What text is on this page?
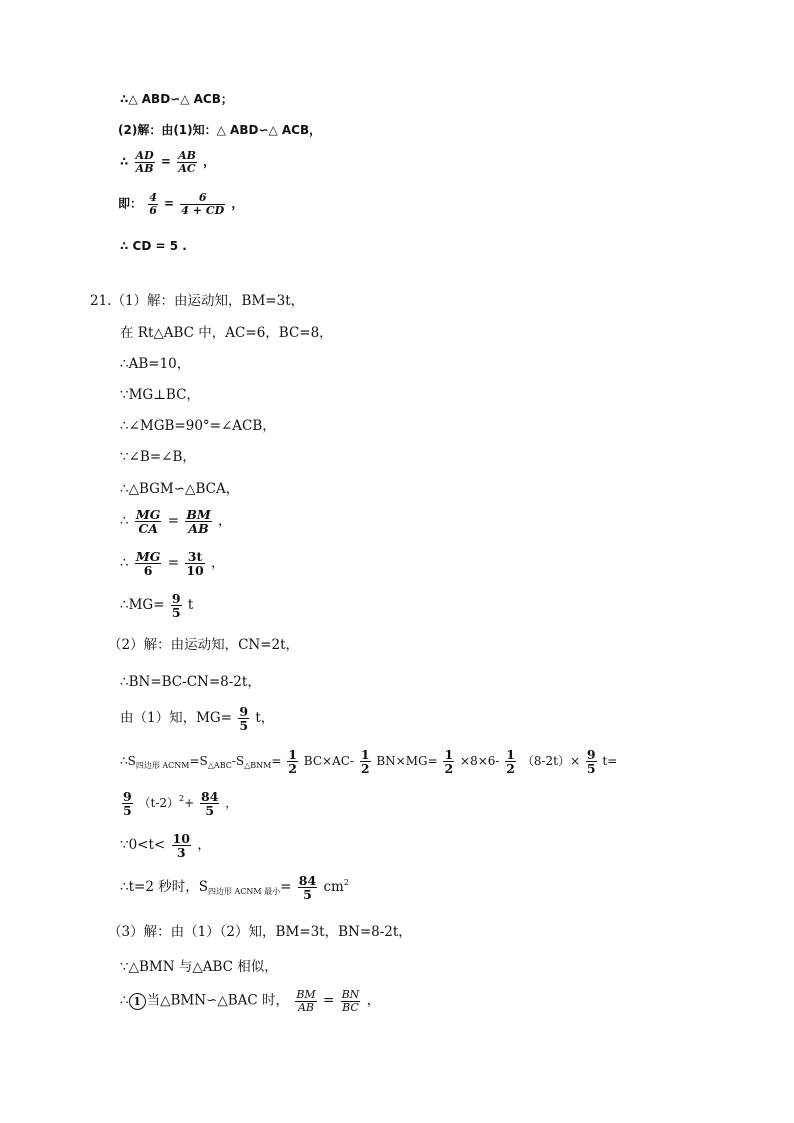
∴△ ABD∽△ ACB；
(2)解：由(1)知：△ ABD∽△ ACB，
∴ $\frac{AD}{AB} = \frac{AB}{AC}$ ，
即： $\frac{4}{6} = \frac{6}{4 + CD}$ ，
∴ CD = 5 .
21.（1）解：由运动知，BM=3t，
在 Rt△ABC 中，AC=6，BC=8，
∴AB=10，
∵MG⊥BC，
∴∠MGB=90°=∠ACB，
∵∠B=∠B，
∴△BGM∽△BCA，
∴ $\frac{MG}{CA} = \frac{BM}{AB}$ ，
∴ $\frac{MG}{6} = \frac{3t}{10}$ ，
∴MG= $\frac{9}{5}$ t
（2）解：由运动知，CN=2t，
∴BN=BC-CN=8-2t，
由（1）知，$MG= \frac{9}{5}$ t，
$\therefore S_{四边形 ACNM}=S_{\triangle ABC}-S_{\triangle BNM}= \frac{1}{2} BC\times AC- \frac{1}{2} BN\times MG= \frac{1}{2} \times 8\times 6- \frac{1}{2} (8-2t)\times \frac{9}{5} t=$
$\frac{9}{5} (t-2)^2+ \frac{84}{5}$ ，
∵0<t< $\frac{10}{3}$ ，
∴t=2 秒时，$S_{四边形 ACNM 最小}= \frac{84}{5} cm^2$
（3）解：由（1）（2）知，BM=3t，BN=8-2t，
∵△BMN 与△ABC 相似，
∴ 1 当△BMN∽△BAC 时， $\frac{BM}{AB} = \frac{BN}{BC}$ ，
